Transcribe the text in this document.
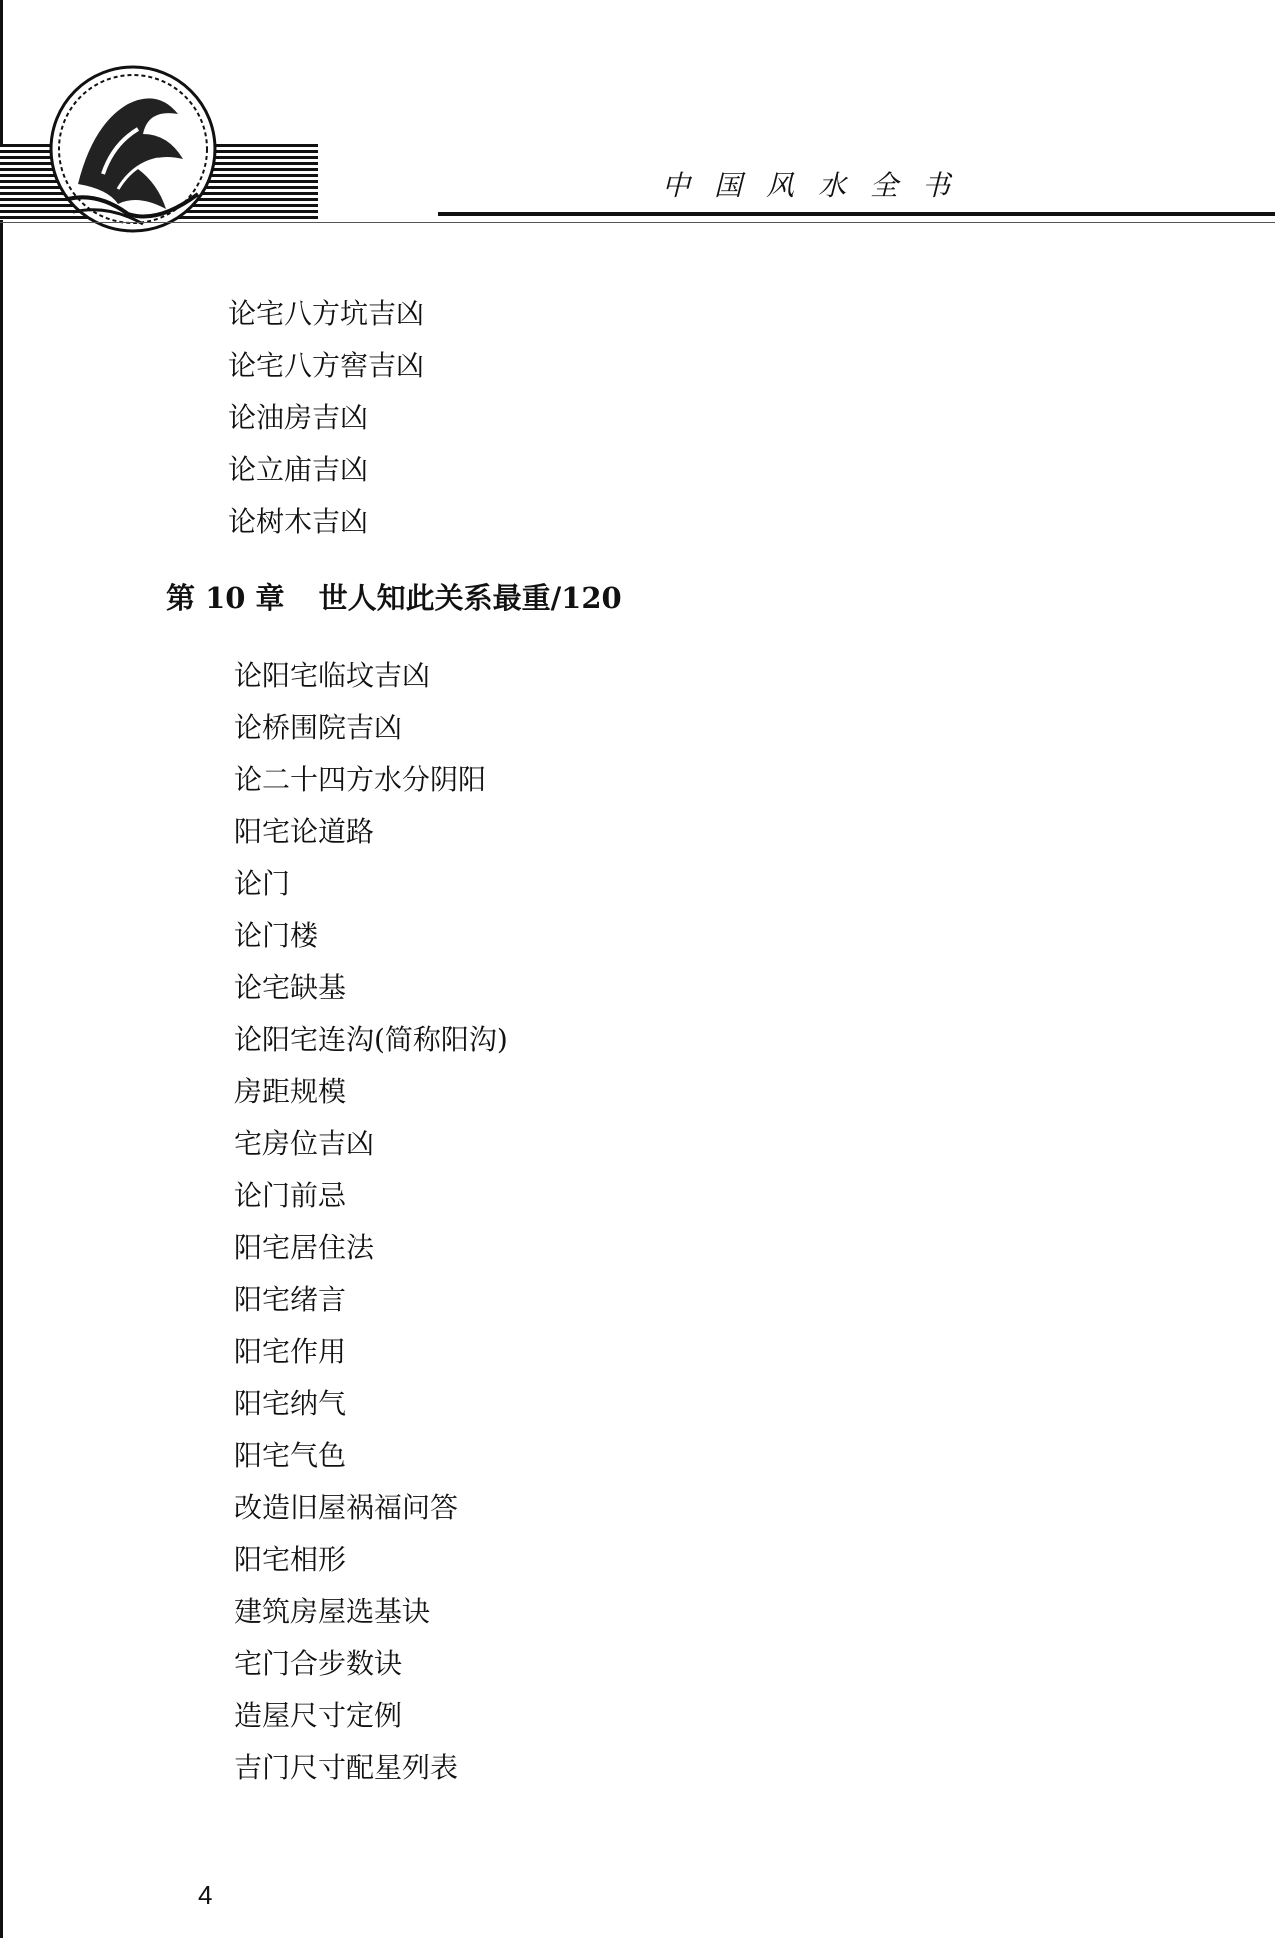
中国风水全书
论宅八方坑吉凶
论宅八方窖吉凶
论油房吉凶
论立庙吉凶
论树木吉凶
第 10 章 世人知此关系最重/120
论阳宅临坟吉凶
论桥围院吉凶
论二十四方水分阴阳
阳宅论道路
论门
论门楼
论宅缺基
论阳宅连沟(简称阳沟)
房距规模
宅房位吉凶
论门前忌
阳宅居住法
阳宅绪言
阳宅作用
阳宅纳气
阳宅气色
改造旧屋祸福问答
阳宅相形
建筑房屋选基诀
宅门合步数诀
造屋尺寸定例
吉门尺寸配星列表
4
